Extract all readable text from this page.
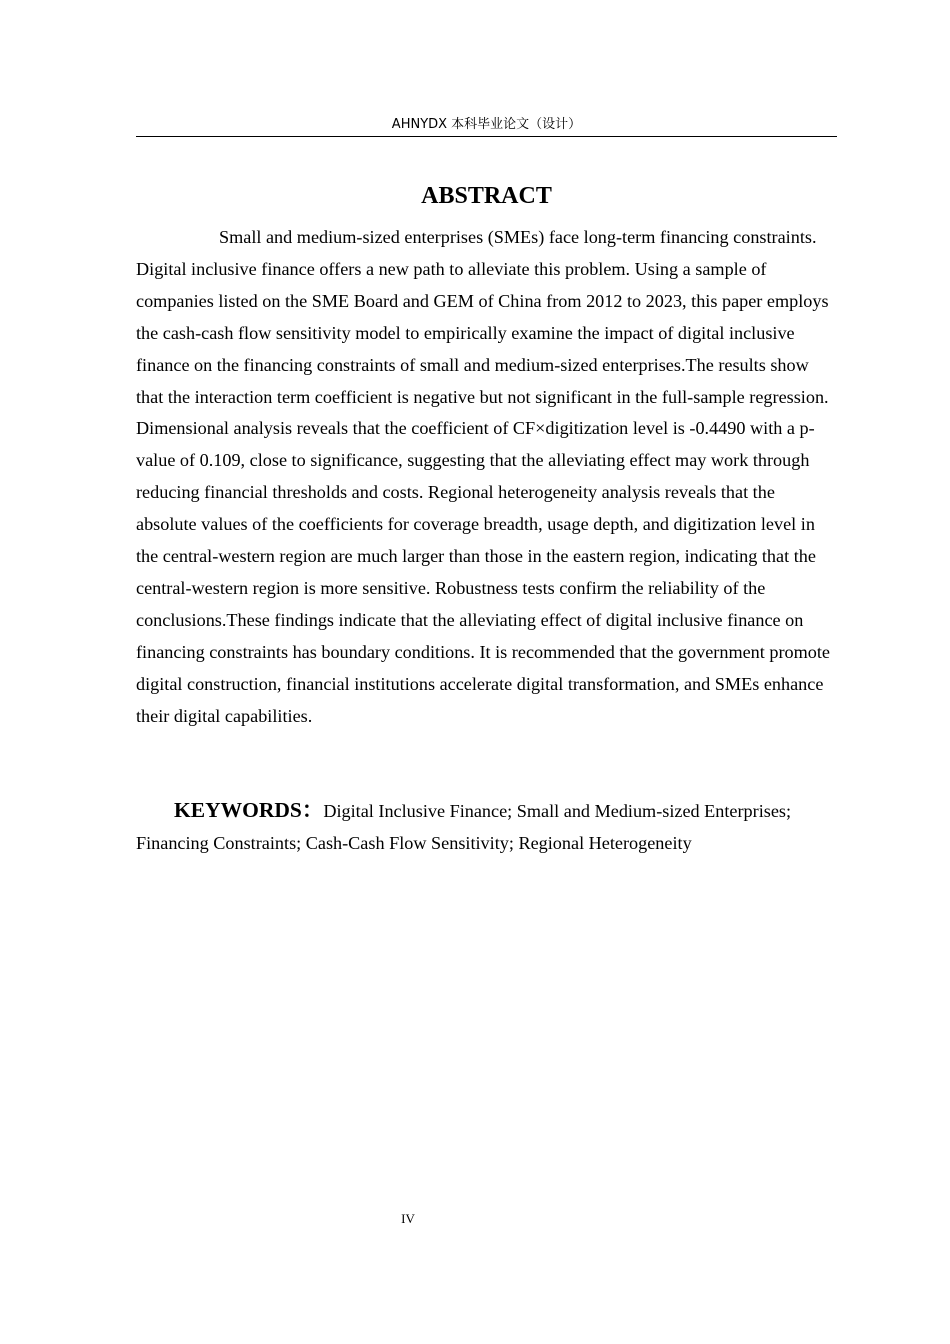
AHNYDX 本科毕业论文（设计）
ABSTRACT

Small and medium-sized enterprises (SMEs) face long-term financing constraints. Digital inclusive finance offers a new path to alleviate this problem. Using a sample of companies listed on the SME Board and GEM of China from 2012 to 2023, this paper employs the cash-cash flow sensitivity model to empirically examine the impact of digital inclusive finance on the financing constraints of small and medium-sized enterprises.The results show that the interaction term coefficient is negative but not significant in the full-sample regression. Dimensional analysis reveals that the coefficient of CF×digitization level is -0.4490 with a p-value of 0.109, close to significance, suggesting that the alleviating effect may work through reducing financial thresholds and costs. Regional heterogeneity analysis reveals that the absolute values of the coefficients for coverage breadth, usage depth, and digitization level in the central-western region are much larger than those in the eastern region, indicating that the central-western region is more sensitive. Robustness tests confirm the reliability of the conclusions.These findings indicate that the alleviating effect of digital inclusive finance on financing constraints has boundary conditions. It is recommended that the government promote digital construction, financial institutions accelerate digital transformation, and SMEs enhance their digital capabilities.

KEYWORDS：Digital Inclusive Finance; Small and Medium-sized Enterprises; Financing Constraints; Cash-Cash Flow Sensitivity; Regional Heterogeneity

IV
